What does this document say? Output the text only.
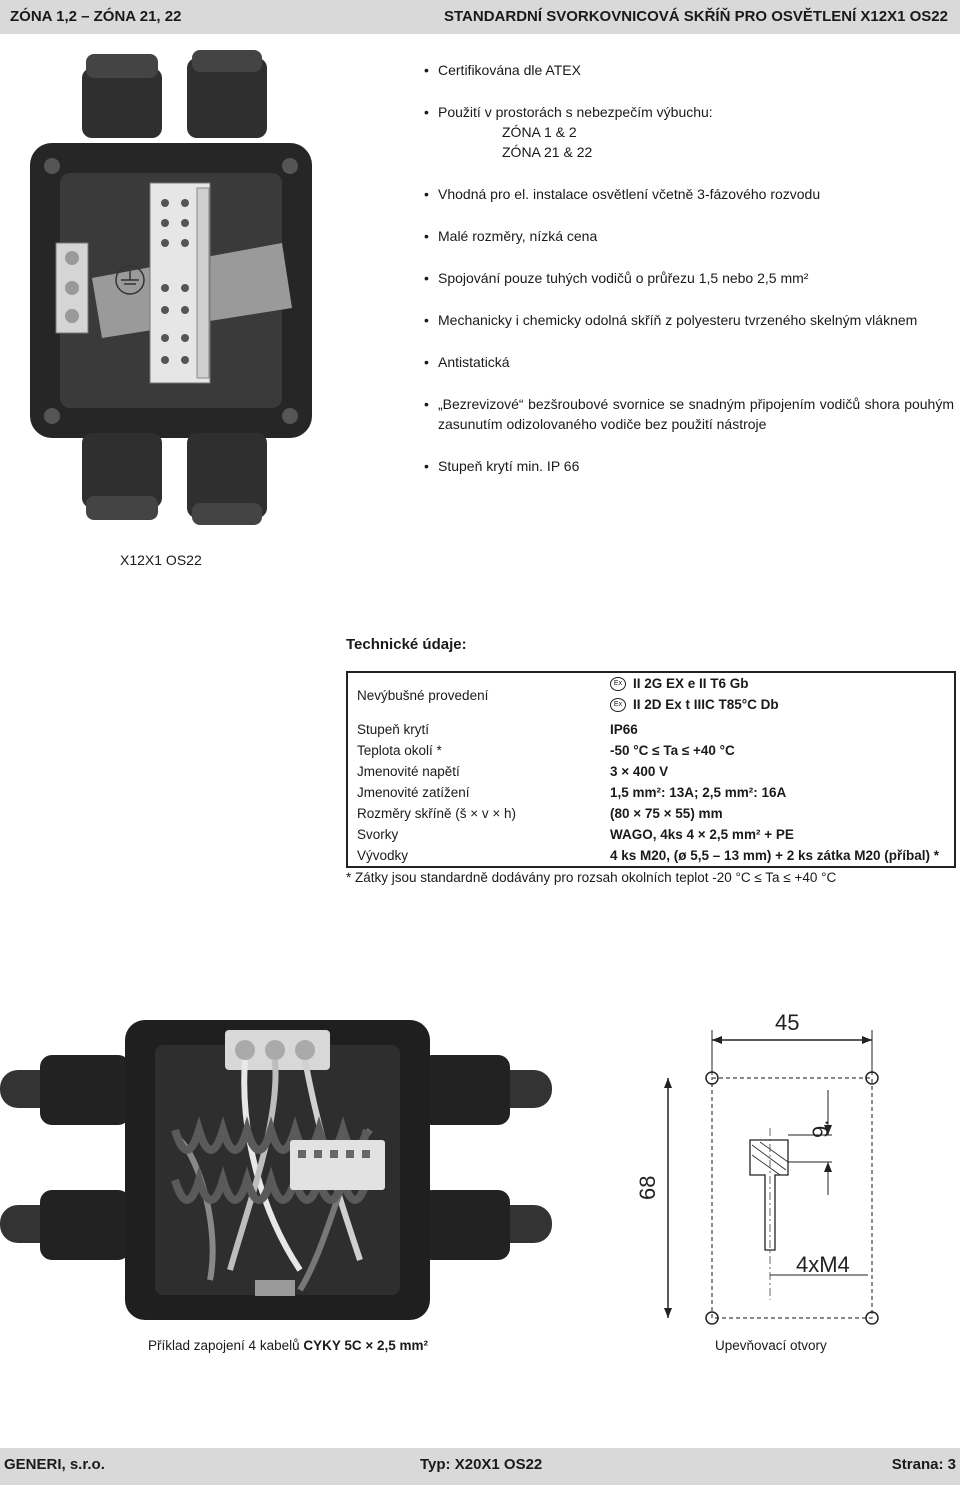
ZÓNA 1,2 – ZÓNA 21, 22	STANDARDNÍ SVORKOVNICOVÁ SKŘÍŇ PRO OSVĚTLENÍ X12X1 OS22
• Certifikována dle ATEX
• Použití v prostorách s nebezpečím výbuchu:
ZÓNA 1 & 2
ZÓNA 21 & 22
• Vhodná pro el. instalace osvětlení včetně 3-fázového rozvodu
• Malé rozměry, nízká cena
• Spojování pouze tuhých vodičů o průřezu 1,5 nebo 2,5 mm²
• Mechanicky i chemicky odolná skříň z polyesteru tvrzeného skelným vláknem
• Antistatická
• „Bezrevizové“ bezšroubové svornice se snadným připojením vodičů shora pouhým zasunutím odizolovaného vodiče bez použití nástroje
• Stupeň krytí min. IP 66
X12X1 OS22
Technické údaje:
Nevýbušné provedení
Ex II 2G EX e II T6 Gb
Ex II 2D Ex t IIIC T85°C Db
Stupeň krytí	IP66
Teplota okolí *	-50 °C ≤ Ta ≤ +40 °C
Jmenovité napětí	3 × 400 V
Jmenovité zatížení	1,5 mm²: 13A; 2,5 mm²: 16A
Rozměry skříně (š × v × h)	(80 × 75 × 55) mm
Svorky	WAGO, 4ks 4 × 2,5 mm² + PE
Vývodky	4 ks M20, (ø 5,5 – 13 mm) + 2 ks zátka M20 (příbal) *
* Zátky jsou standardně dodávány pro rozsah okolních teplot -20 °C ≤ Ta ≤ +40 °C
Příklad zapojení 4 kabelů CYKY 5C × 2,5 mm²
45
68
9.
4xM4
Upevňovací otvory
GENERI, s.r.o.	Typ: X20X1 OS22	Strana: 3
